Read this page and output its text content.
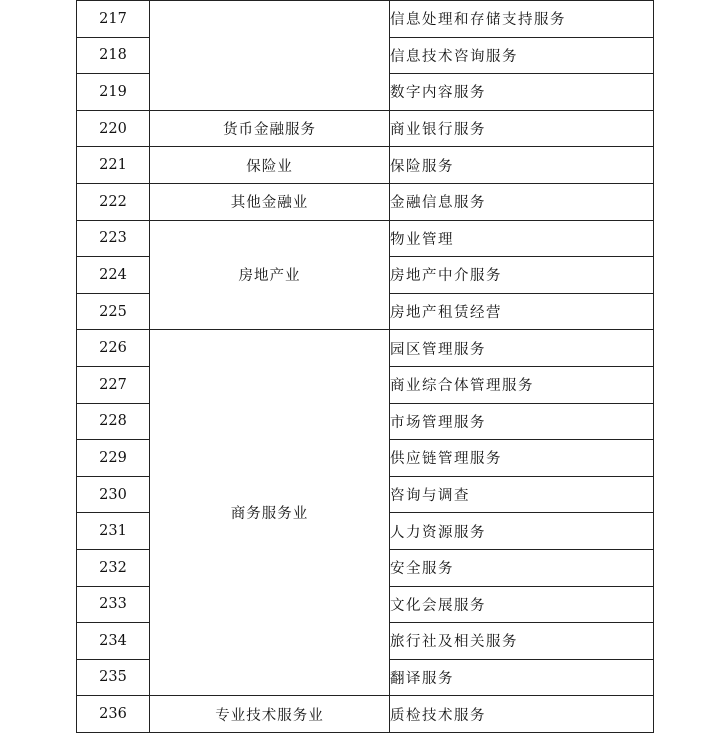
217		信息处理和存储支持服务
218		信息技术咨询服务
219		数字内容服务
220	货币金融服务	商业银行服务
221	保险业	保险服务
222	其他金融业	金融信息服务
223	房地产业	物业管理
224		房地产中介服务
225		房地产租赁经营
226	商务服务业	园区管理服务
227		商业综合体管理服务
228		市场管理服务
229		供应链管理服务
230		咨询与调查
231		人力资源服务
232		安全服务
233		文化会展服务
234		旅行社及相关服务
235		翻译服务
236	专业技术服务业	质检技术服务
